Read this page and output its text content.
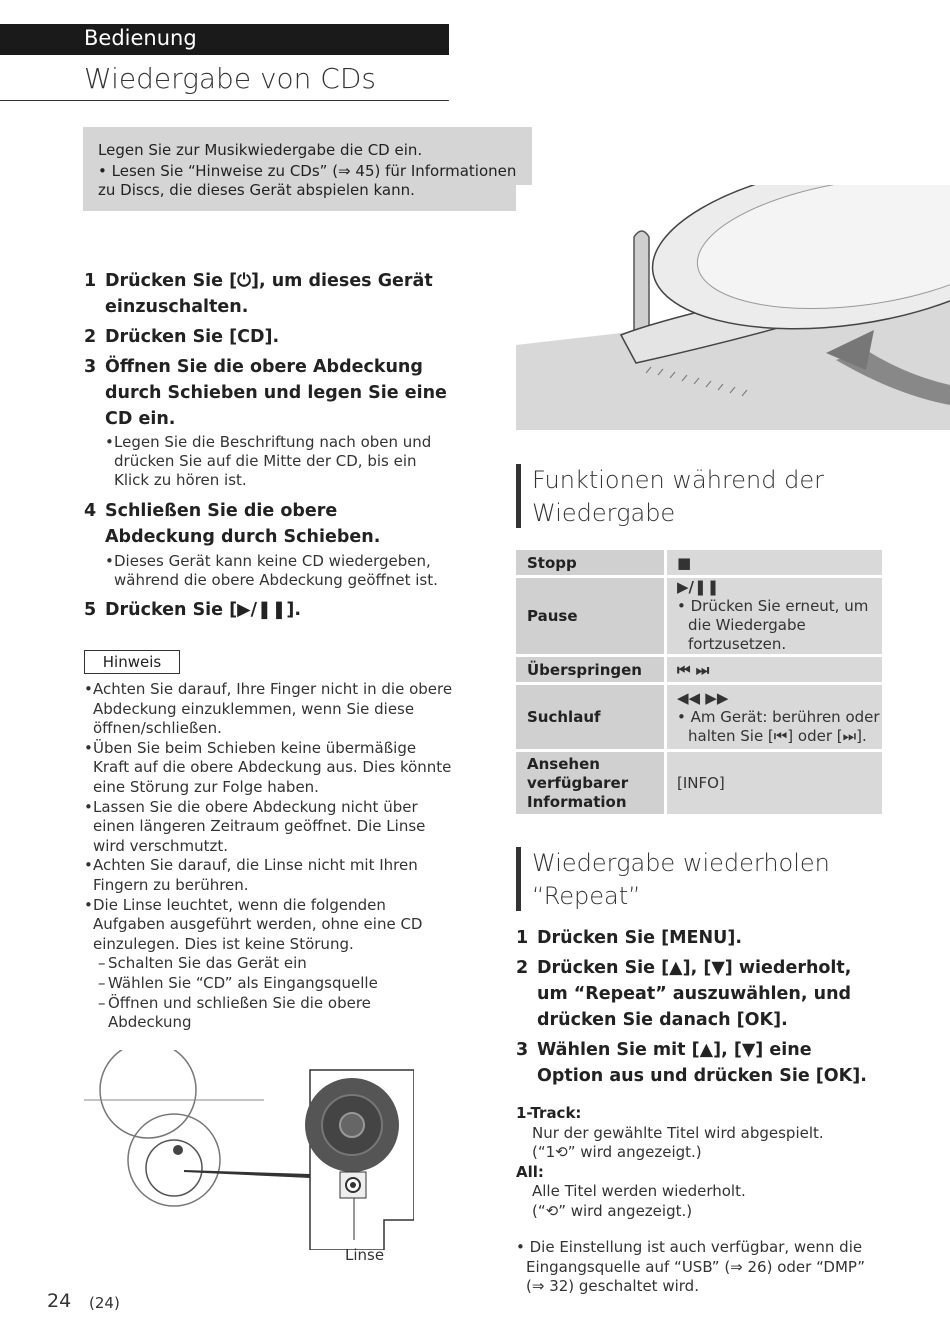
Bedienung
Wiedergabe von CDs
Legen Sie zur Musikwiedergabe die CD ein.
• Lesen Sie “Hinweise zu CDs” (⇒ 45) für Informationen zu Discs, die dieses Gerät abspielen kann.
1 Drücken Sie [⏻], um dieses Gerät einzuschalten.
2 Drücken Sie [CD].
3 Öffnen Sie die obere Abdeckung durch Schieben und legen Sie eine CD ein.
• Legen Sie die Beschriftung nach oben und drücken Sie auf die Mitte der CD, bis ein Klick zu hören ist.
4 Schließen Sie die obere Abdeckung durch Schieben.
• Dieses Gerät kann keine CD wiedergeben, während die obere Abdeckung geöffnet ist.
5 Drücken Sie [▶/❚❚].
Hinweis
• Achten Sie darauf, Ihre Finger nicht in die obere Abdeckung einzuklemmen, wenn Sie diese öffnen/schließen.
• Üben Sie beim Schieben keine übermäßige Kraft auf die obere Abdeckung aus. Dies könnte eine Störung zur Folge haben.
• Lassen Sie die obere Abdeckung nicht über einen längeren Zeitraum geöffnet. Die Linse wird verschmutzt.
• Achten Sie darauf, die Linse nicht mit Ihren Fingern zu berühren.
• Die Linse leuchtet, wenn die folgenden Aufgaben ausgeführt werden, ohne eine CD einzulegen. Dies ist keine Störung.
– Schalten Sie das Gerät ein
– Wählen Sie “CD” als Eingangsquelle
– Öffnen und schließen Sie die obere Abdeckung
Linse
Funktionen während der Wiedergabe
Stopp	■
Pause	▶/❚❚
• Drücken Sie erneut, um die Wiedergabe fortzusetzen.

Überspringen	⏮ ⏭
Suchlauf	◀◀ ▶▶
• Am Gerät: berühren oder halten Sie [⏮] oder [⏭].

Ansehen verfügbarer Information	[INFO]
Wiedergabe wiederholen “Repeat”
1 Drücken Sie [MENU].
2 Drücken Sie [▲], [▼] wiederholt, um “Repeat” auszuwählen, und drücken Sie danach [OK].
3 Wählen Sie mit [▲], [▼] eine Option aus und drücken Sie [OK].
1-Track:
Nur der gewählte Titel wird abgespielt.
(“1⟲” wird angezeigt.)
All:
Alle Titel werden wiederholt.
(“⟲” wird angezeigt.)
• Die Einstellung ist auch verfügbar, wenn die Eingangsquelle auf “USB” (⇒ 26) oder “DMP” (⇒ 32) geschaltet wird.
24 (24)
